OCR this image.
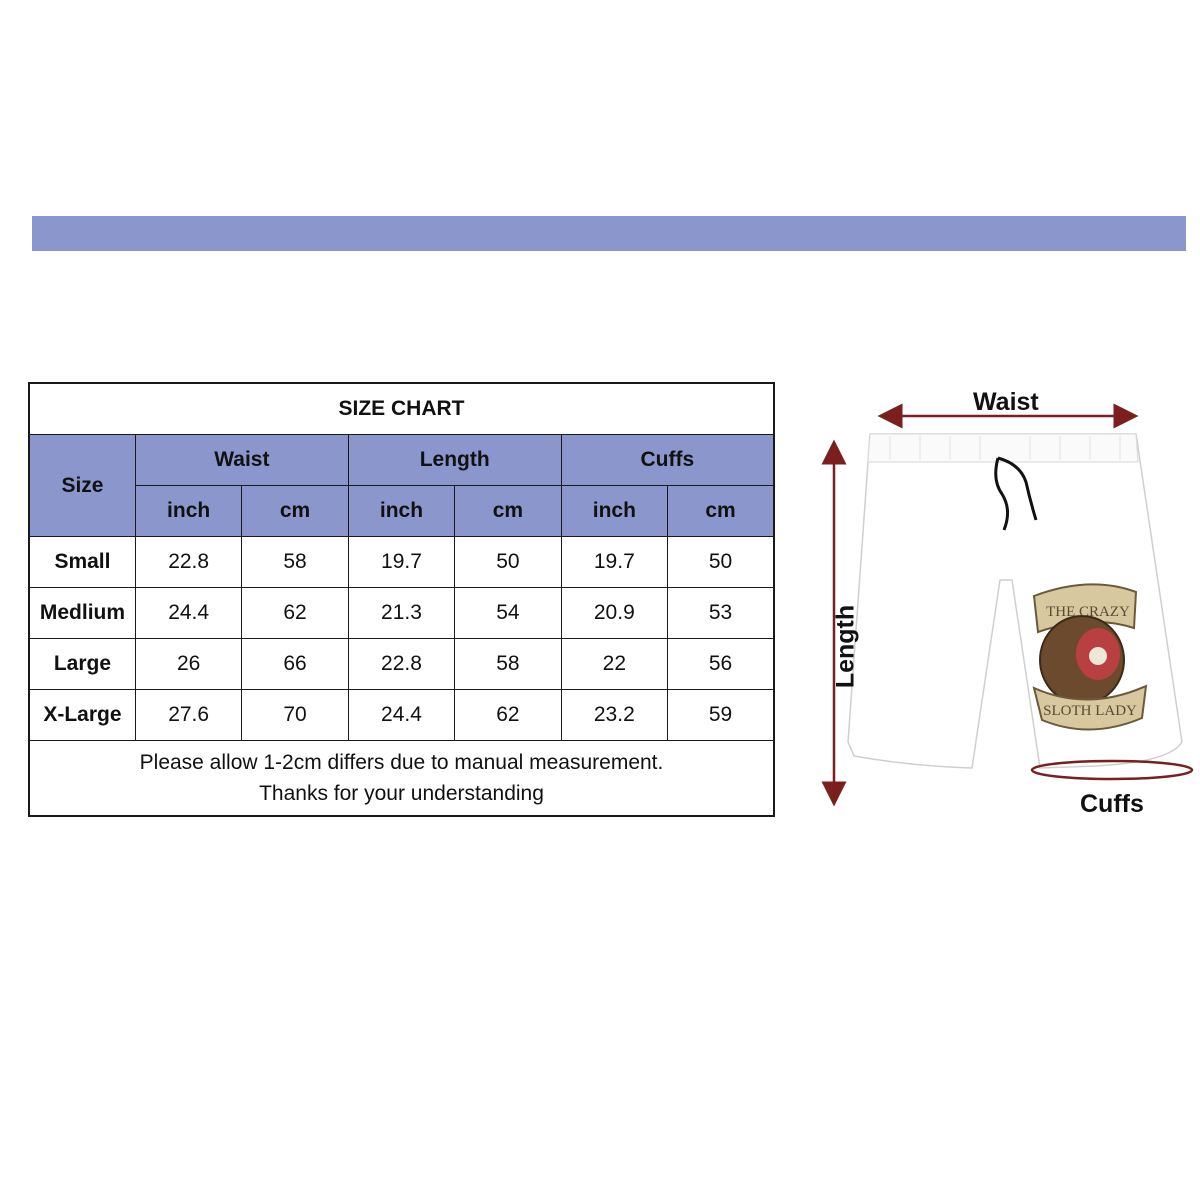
SIZE CHART						
Size	Waist		Length		Cuffs	
	inch	cm	inch	cm	inch	cm
Small	22.8	58	19.7	50	19.7	50
Medlium	24.4	62	21.3	54	20.9	53
Large	26	66	22.8	58	22	56
X-Large	27.6	70	24.4	62	23.2	59
Please allow 1-2cm differs due to manual measurement.
Thanks for your understanding						
THE CRAZY
SLOTH LADY
Waist
Length
Cuffs
